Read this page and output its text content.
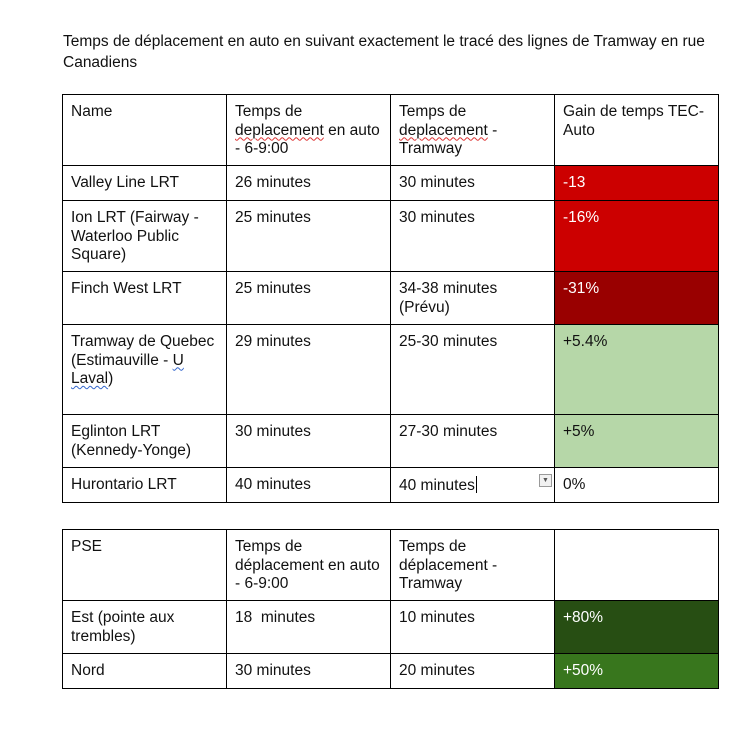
Temps de déplacement en auto en suivant exactement le tracé des lignes de Tramway en rue Canadiens
Name	Temps de deplacement en auto - 6-9:00	Temps de deplacement - Tramway	Gain de temps TEC-Auto
Valley Line LRT	26 minutes	30 minutes	-13
Ion LRT (Fairway - Waterloo Public Square)	25 minutes	30 minutes	-16%
Finch West LRT	25 minutes	34-38 minutes (Prévu)	-31%
Tramway de Quebec (Estimauville - U Laval)	29 minutes	25-30 minutes	+5.4%
Eglinton LRT (Kennedy-Yonge)	30 minutes	27-30 minutes	+5%
Hurontario LRT	40 minutes	40 minutes ▼	0%
PSE	Temps de déplacement en auto - 6-9:00	Temps de déplacement - Tramway	
Est (pointe aux trembles)	18  minutes	10 minutes	+80%
Nord	30 minutes	20 minutes	+50%
